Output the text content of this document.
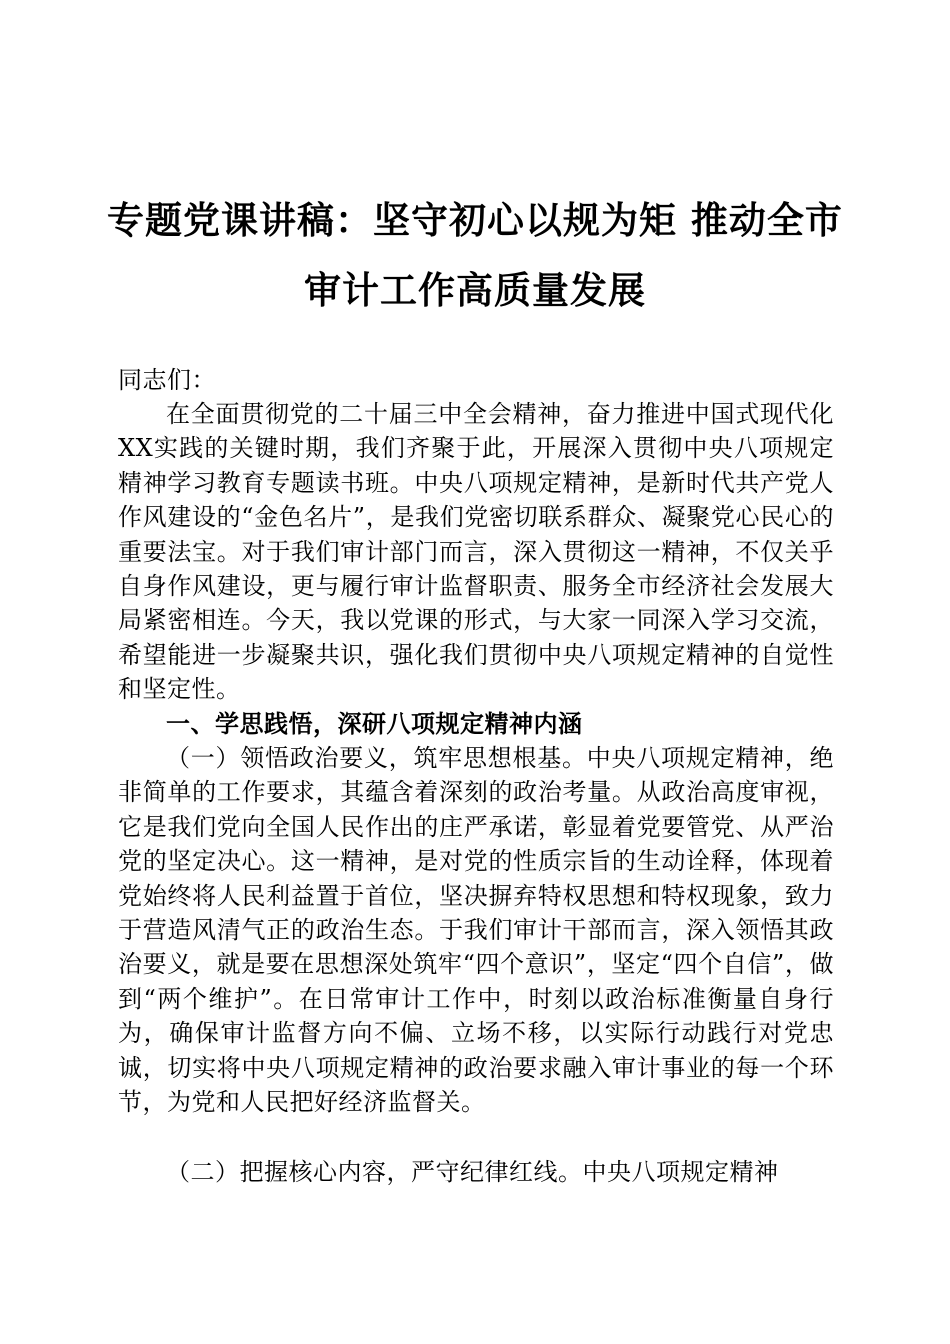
专题党课讲稿：坚守初心以规为矩 推动全市
审计工作高质量发展
同志们：
在全面贯彻党的二十届三中全会精神，奋力推进中国式现代化XX实践的关键时期，我们齐聚于此，开展深入贯彻中央八项规定精神学习教育专题读书班。中央八项规定精神，是新时代共产党人作风建设的“金色名片”，是我们党密切联系群众、凝聚党心民心的重要法宝。对于我们审计部门而言，深入贯彻这一精神，不仅关乎自身作风建设，更与履行审计监督职责、服务全市经济社会发展大局紧密相连。今天，我以党课的形式，与大家一同深入学习交流，希望能进一步凝聚共识，强化我们贯彻中央八项规定精神的自觉性和坚定性。
一、学思践悟，深研八项规定精神内涵
（一）领悟政治要义，筑牢思想根基。中央八项规定精神，绝非简单的工作要求，其蕴含着深刻的政治考量。从政治高度审视，它是我们党向全国人民作出的庄严承诺，彰显着党要管党、从严治党的坚定决心。这一精神，是对党的性质宗旨的生动诠释，体现着党始终将人民利益置于首位，坚决摒弃特权思想和特权现象，致力于营造风清气正的政治生态。于我们审计干部而言，深入领悟其政治要义，就是要在思想深处筑牢“四个意识”，坚定“四个自信”，做到“两个维护”。在日常审计工作中，时刻以政治标准衡量自身行为，确保审计监督方向不偏、立场不移，以实际行动践行对党忠诚，切实将中央八项规定精神的政治要求融入审计事业的每一个环节，为党和人民把好经济监督关。
（二）把握核心内容，严守纪律红线。中央八项规定精神
